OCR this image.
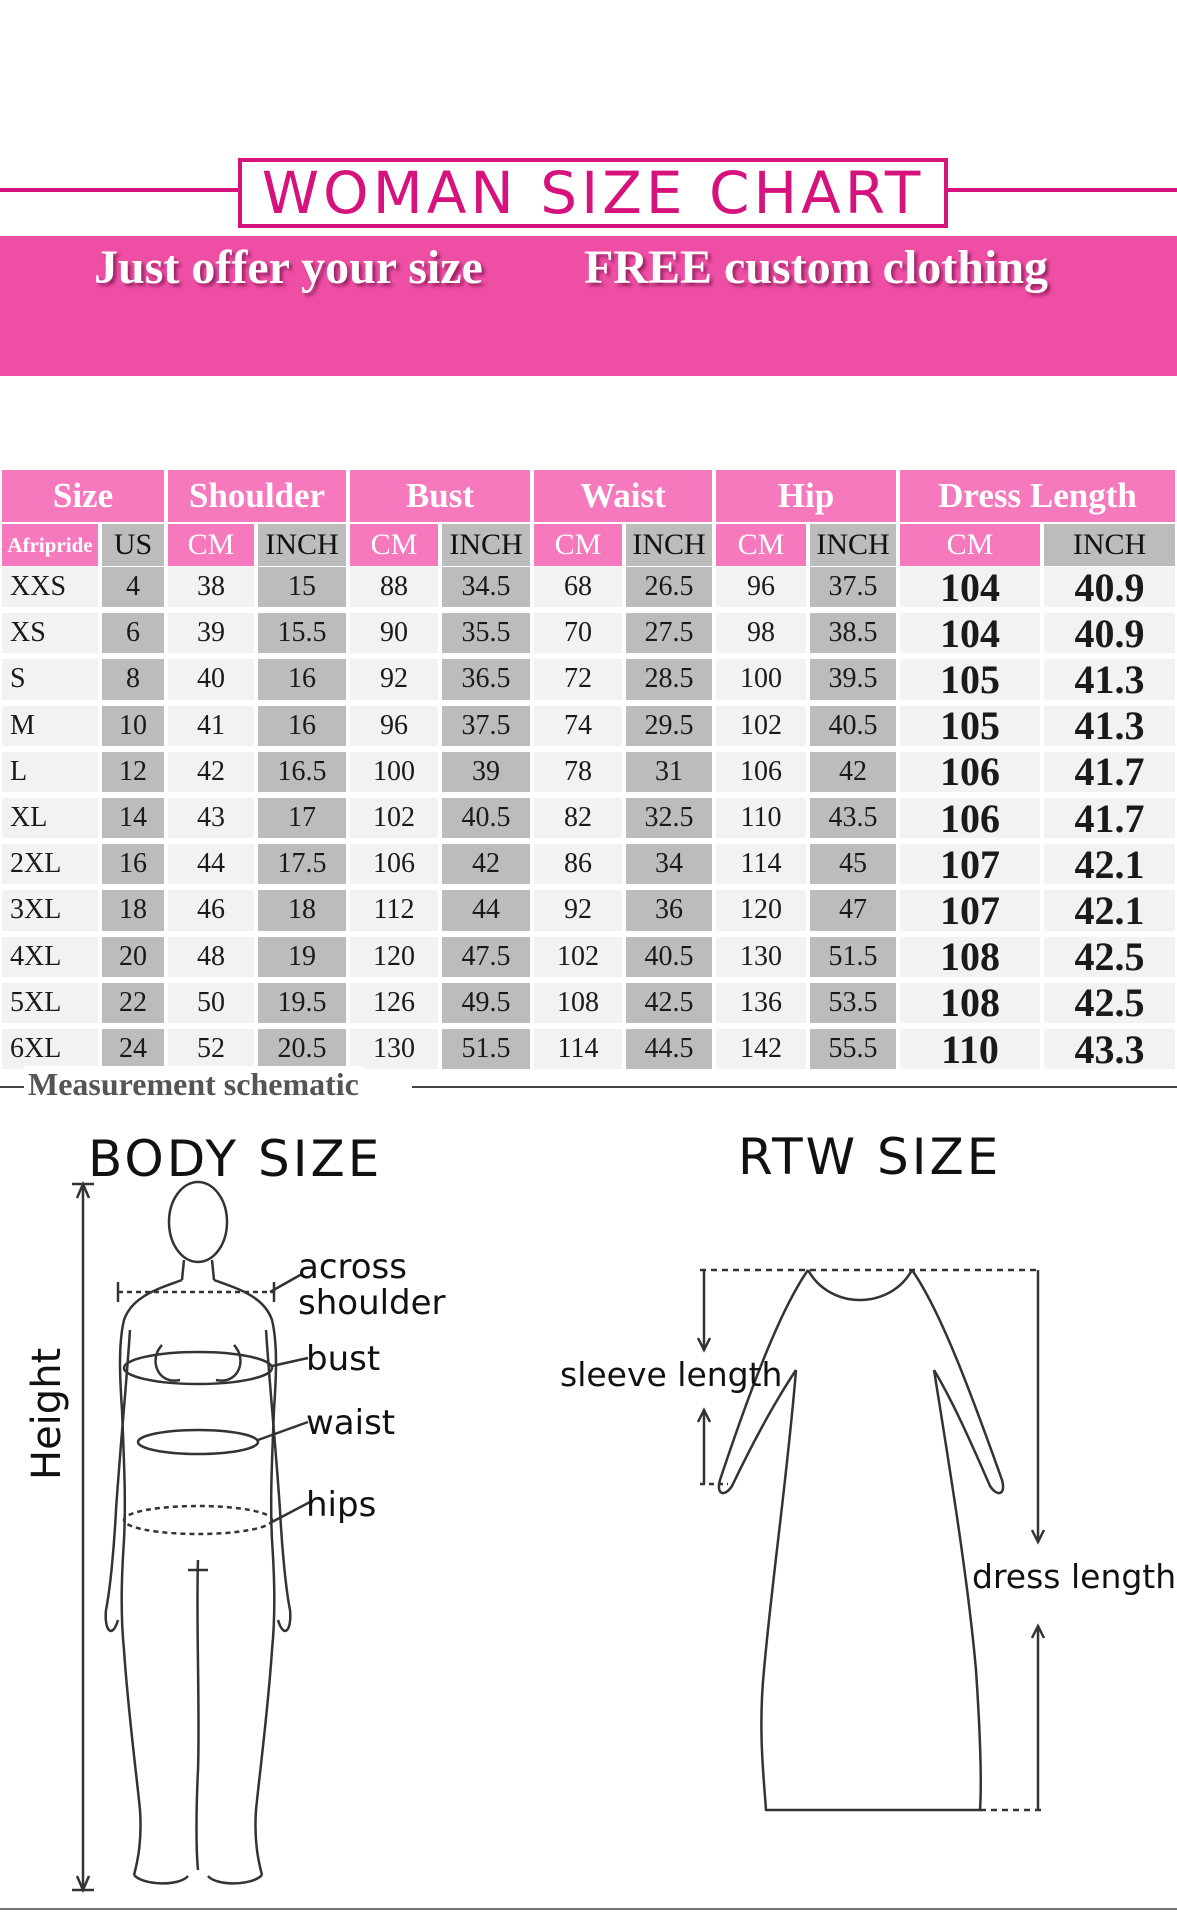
WOMAN SIZE CHART
Just offer your size FREE custom clothing
Size	Shoulder	Bust	Waist	Hip	Dress Length
Afripride US	CM	INCH	CM	INCH	CM	INCH	CM	INCH	CM	INCH
XXS	4	38	15	88	34.5	68	26.5	96	37.5	104	40.9
XS	6	39	15.5	90	35.5	70	27.5	98	38.5	104	40.9
S	8	40	16	92	36.5	72	28.5	100	39.5	105	41.3
M	10	41	16	96	37.5	74	29.5	102	40.5	105	41.3
L	12	42	16.5	100	39	78	31	106	42	106	41.7
XL	14	43	17	102	40.5	82	32.5	110	43.5	106	41.7
2XL	16	44	17.5	106	42	86	34	114	45	107	42.1
3XL	18	46	18	112	44	92	36	120	47	107	42.1
4XL	20	48	19	120	47.5	102	40.5	130	51.5	108	42.5
5XL	22	50	19.5	126	49.5	108	42.5	136	53.5	108	42.5
6XL	24	52	20.5	130	51.5	114	44.5	142	55.5	110	43.3
Measurement schematic
BODY SIZE	RTW SIZE
across
shoulder
bust
waist
hips
Height	sleeve length
dress length
